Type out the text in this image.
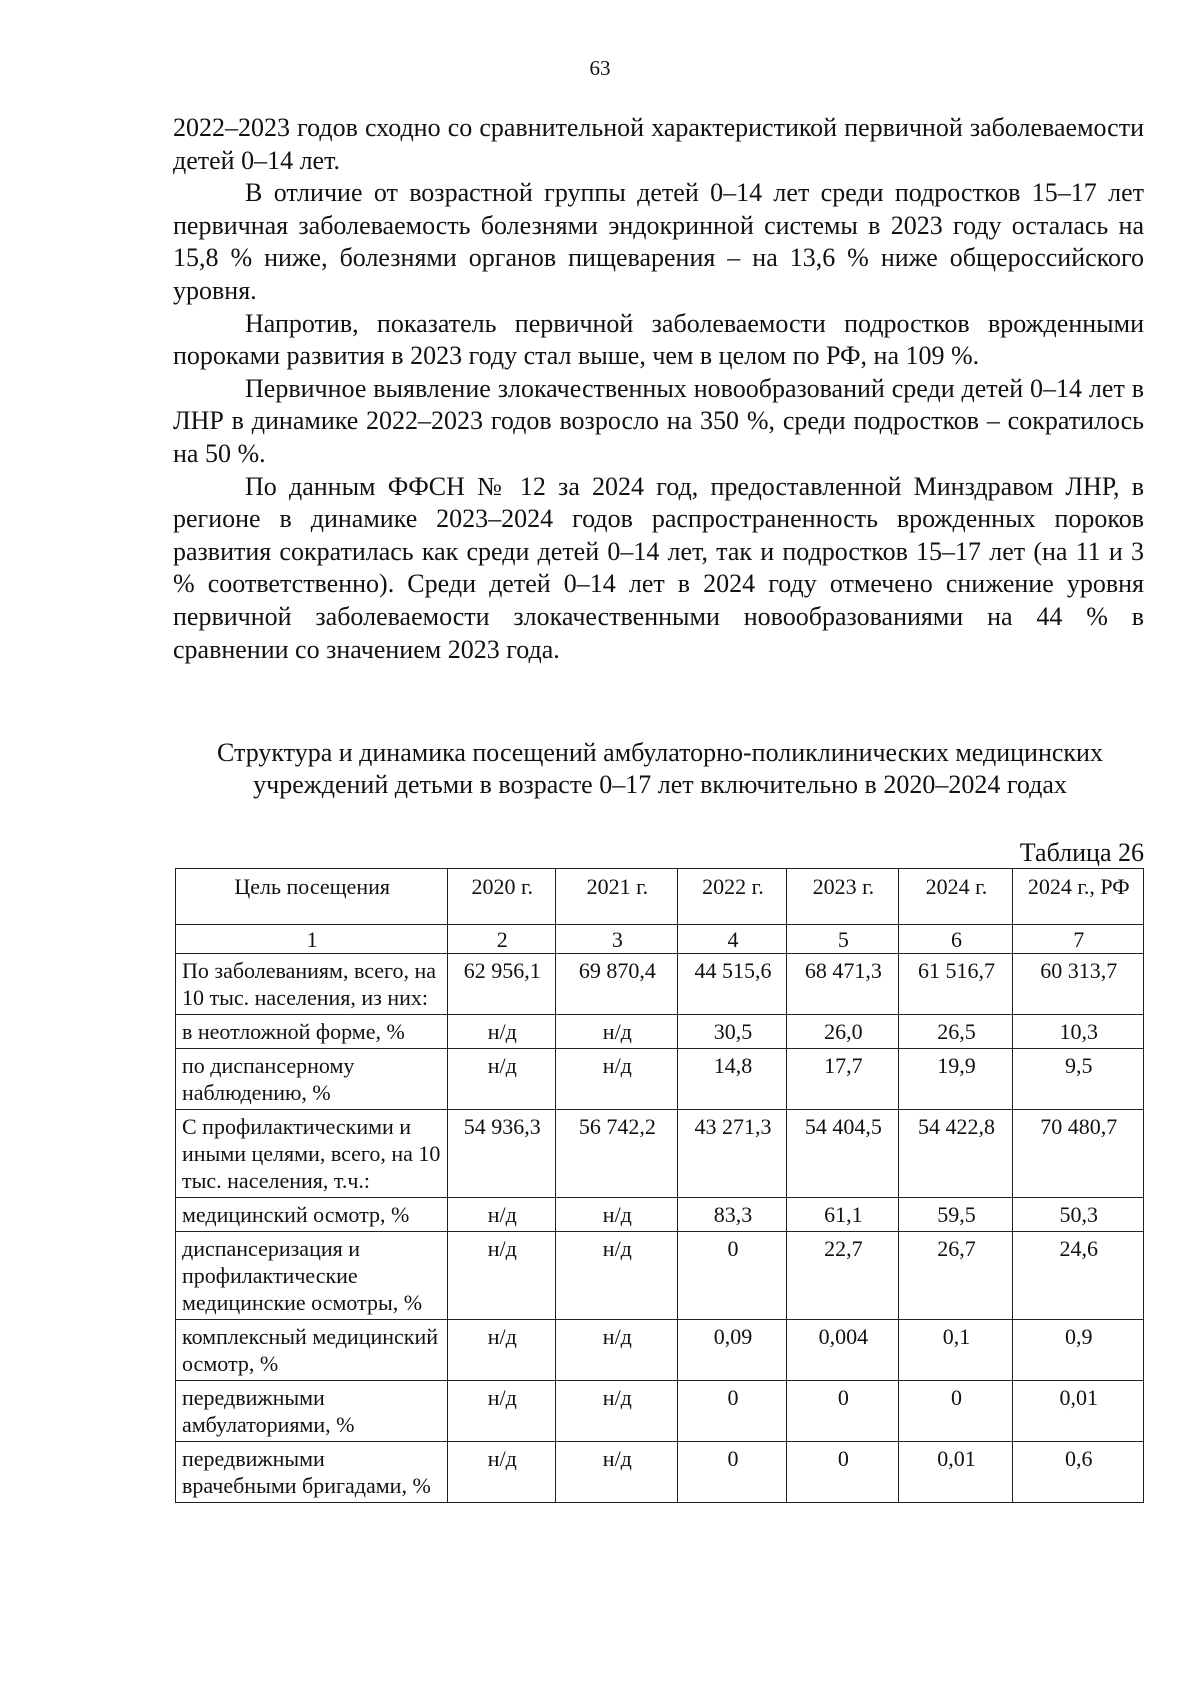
63

2022–2023 годов сходно со сравнительной характеристикой первичной заболеваемости детей 0–14 лет.

В отличие от возрастной группы детей 0–14 лет среди подростков 15–17 лет первичная заболеваемость болезнями эндокринной системы в 2023 году осталась на 15,8 % ниже, болезнями органов пищеварения – на 13,6 % ниже общероссийского уровня.

Напротив, показатель первичной заболеваемости подростков врожденными пороками развития в 2023 году стал выше, чем в целом по РФ, на 109 %.

Первичное выявление злокачественных новообразований среди детей 0–14 лет в ЛНР в динамике 2022–2023 годов возросло на 350 %, среди подростков – сократилось на 50 %.

По данным ФФСН № 12 за 2024 год, предоставленной Минздравом ЛНР, в регионе в динамике 2023–2024 годов распространенность врожденных пороков развития сократилась как среди детей 0–14 лет, так и подростков 15–17 лет (на 11 и 3 % соответственно). Среди детей 0–14 лет в 2024 году отмечено снижение уровня первичной заболеваемости злокачественными новообразованиями на 44 % в сравнении со значением 2023 года.

Структура и динамика посещений амбулаторно-поликлинических медицинских
учреждений детьми в возрасте 0–17 лет включительно в 2020–2024 годах
Таблица 26
Цель посещения	2020 г.	2021 г.	2022 г.	2023 г.	2024 г.	2024 г., РФ
1	2	3	4	5	6	7
По заболеваниям, всего, на 10 тыс. населения, из них:	62 956,1	69 870,4	44 515,6	68 471,3	61 516,7	60 313,7
в неотложной форме, %	н/д	н/д	30,5	26,0	26,5	10,3
по диспансерному наблюдению, %	н/д	н/д	14,8	17,7	19,9	9,5
С профилактическими и иными целями, всего, на 10 тыс. населения, т.ч.:	54 936,3	56 742,2	43 271,3	54 404,5	54 422,8	70 480,7
медицинский осмотр, %	н/д	н/д	83,3	61,1	59,5	50,3
диспансеризация и профилактические медицинские осмотры, %	н/д	н/д	0	22,7	26,7	24,6
комплексный медицинский осмотр, %	н/д	н/д	0,09	0,004	0,1	0,9
передвижными амбулаториями, %	н/д	н/д	0	0	0	0,01
передвижными врачебными бригадами, %	н/д	н/д	0	0	0,01	0,6
